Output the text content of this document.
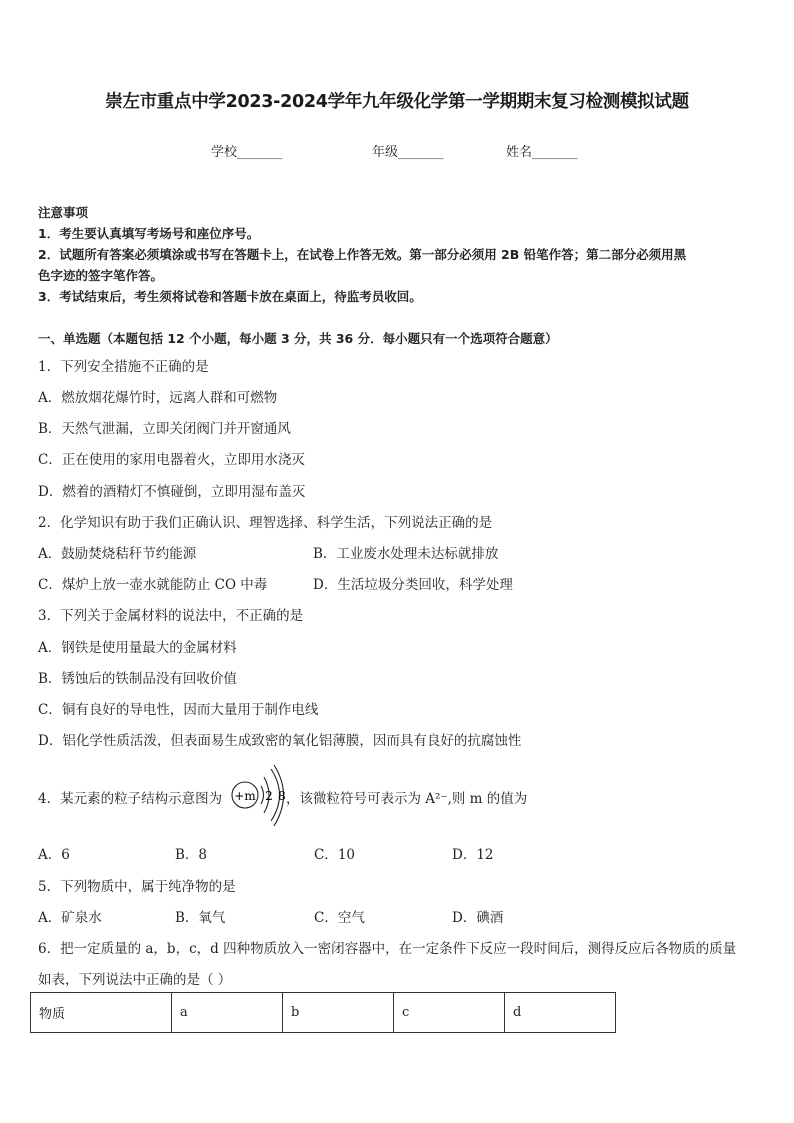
崇左市重点中学2023-2024学年九年级化学第一学期期末复习检测模拟试题
学校_______	年级_______	姓名_______
注意事项
1．考生要认真填写考场号和座位序号。
2．试题所有答案必须填涂或书写在答题卡上，在试卷上作答无效。第一部分必须用 2B 铅笔作答；第二部分必须用黑
色字迹的签字笔作答。
3．考试结束后，考生须将试卷和答题卡放在桌面上，待监考员收回。
一、单选题（本题包括 12 个小题，每小题 3 分，共 36 分．每小题只有一个选项符合题意）
1．下列安全措施不正确的是
A．燃放烟花爆竹时，远离人群和可燃物
B．天然气泄漏，立即关闭阀门并开窗通风
C．正在使用的家用电器着火，立即用水浇灭
D．燃着的酒精灯不慎碰倒，立即用湿布盖灭
2．化学知识有助于我们正确认识、理智选择、科学生活，下列说法正确的是
A．鼓励焚烧秸秆节约能源	B．工业废水处理未达标就排放
C．煤炉上放一壶水就能防止 CO 中毒	D．生活垃圾分类回收，科学处理
3．下列关于金属材料的说法中，不正确的是
A．钢铁是使用量最大的金属材料
B．锈蚀后的铁制品没有回收价值
C．铜有良好的导电性，因而大量用于制作电线
D．铝化学性质活泼，但表面易生成致密的氧化铝薄膜，因而具有良好的抗腐蚀性
4．某元素的粒子结构示意图为 +m 2 8 ，该微粒符号可表示为 A²⁻,则 m 的值为
A．6	B．8	C．10	D．12
5．下列物质中，属于纯净物的是
A．矿泉水	B．氧气	C．空气	D．碘酒
6．把一定质量的 a，b，c，d 四种物质放入一密闭容器中，在一定条件下反应一段时间后，测得反应后各物质的质量
如表，下列说法中正确的是（ ）
物质	a	b	c	d
